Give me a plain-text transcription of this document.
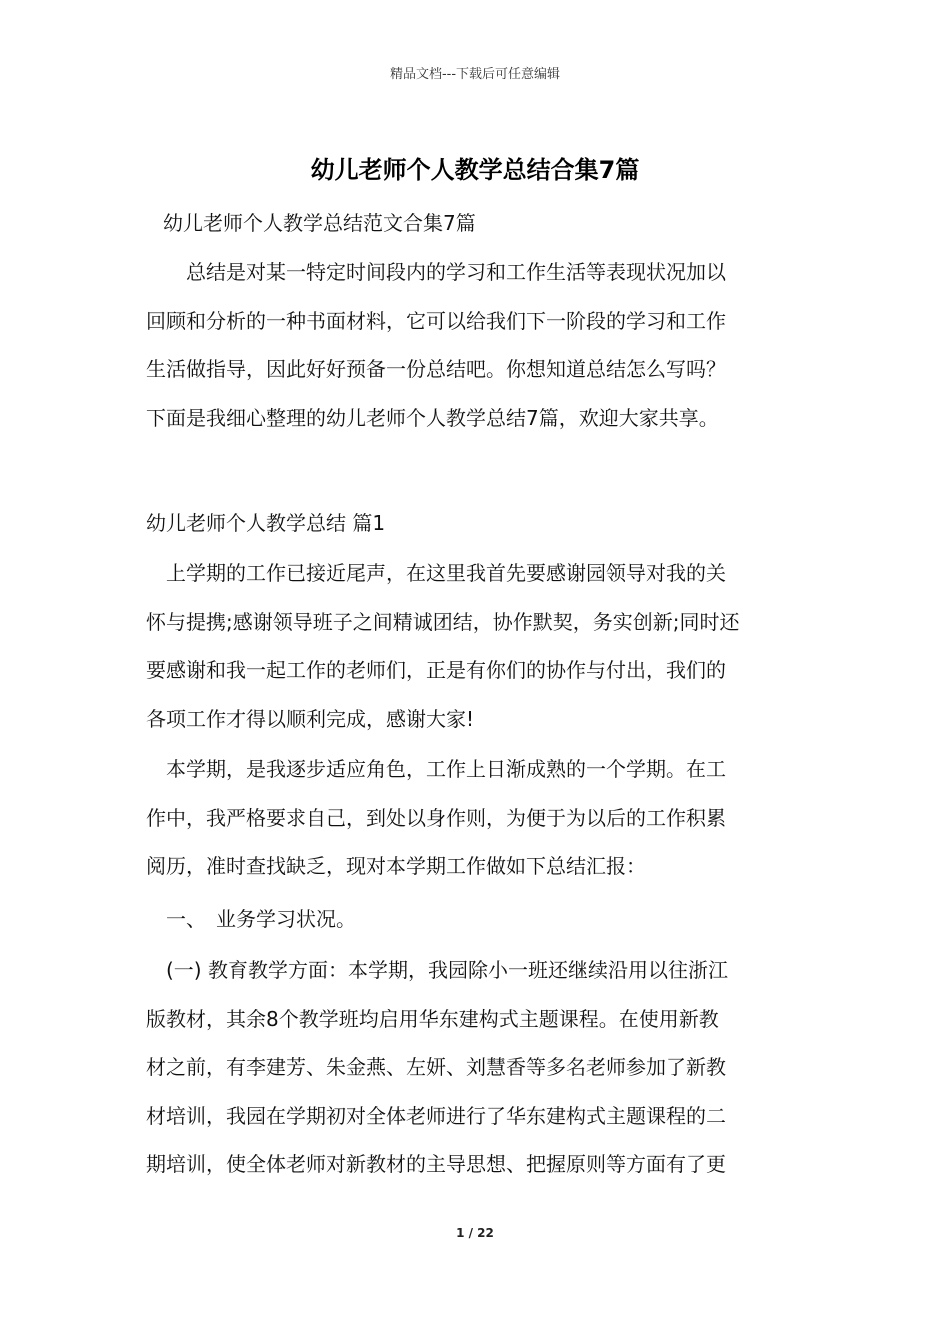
精品文档---下载后可任意编辑
幼儿老师个人教学总结合集7篇
幼儿老师个人教学总结范文合集7篇
　　总结是对某一特定时间段内的学习和工作生活等表现状况加以
回顾和分析的一种书面材料，它可以给我们下一阶段的学习和工作
生活做指导，因此好好预备一份总结吧。你想知道总结怎么写吗？
下面是我细心整理的幼儿老师个人教学总结7篇，欢迎大家共享。
幼儿老师个人教学总结 篇1
　上学期的工作已接近尾声，在这里我首先要感谢园领导对我的关
怀与提携;感谢领导班子之间精诚团结，协作默契，务实创新;同时还
要感谢和我一起工作的老师们，正是有你们的协作与付出，我们的
各项工作才得以顺利完成，感谢大家!
　本学期，是我逐步适应角色，工作上日渐成熟的一个学期。在工
作中，我严格要求自己，到处以身作则，为便于为以后的工作积累
阅历，准时查找缺乏，现对本学期工作做如下总结汇报：
　一、　业务学习状况。
　(一) 教育教学方面：本学期，我园除小一班还继续沿用以往浙江
版教材，其余8个教学班均启用华东建构式主题课程。在使用新教
材之前，有李建芳、朱金燕、左妍、刘慧香等多名老师参加了新教
材培训，我园在学期初对全体老师进行了华东建构式主题课程的二
期培训，使全体老师对新教材的主导思想、把握原则等方面有了更
1 / 22
